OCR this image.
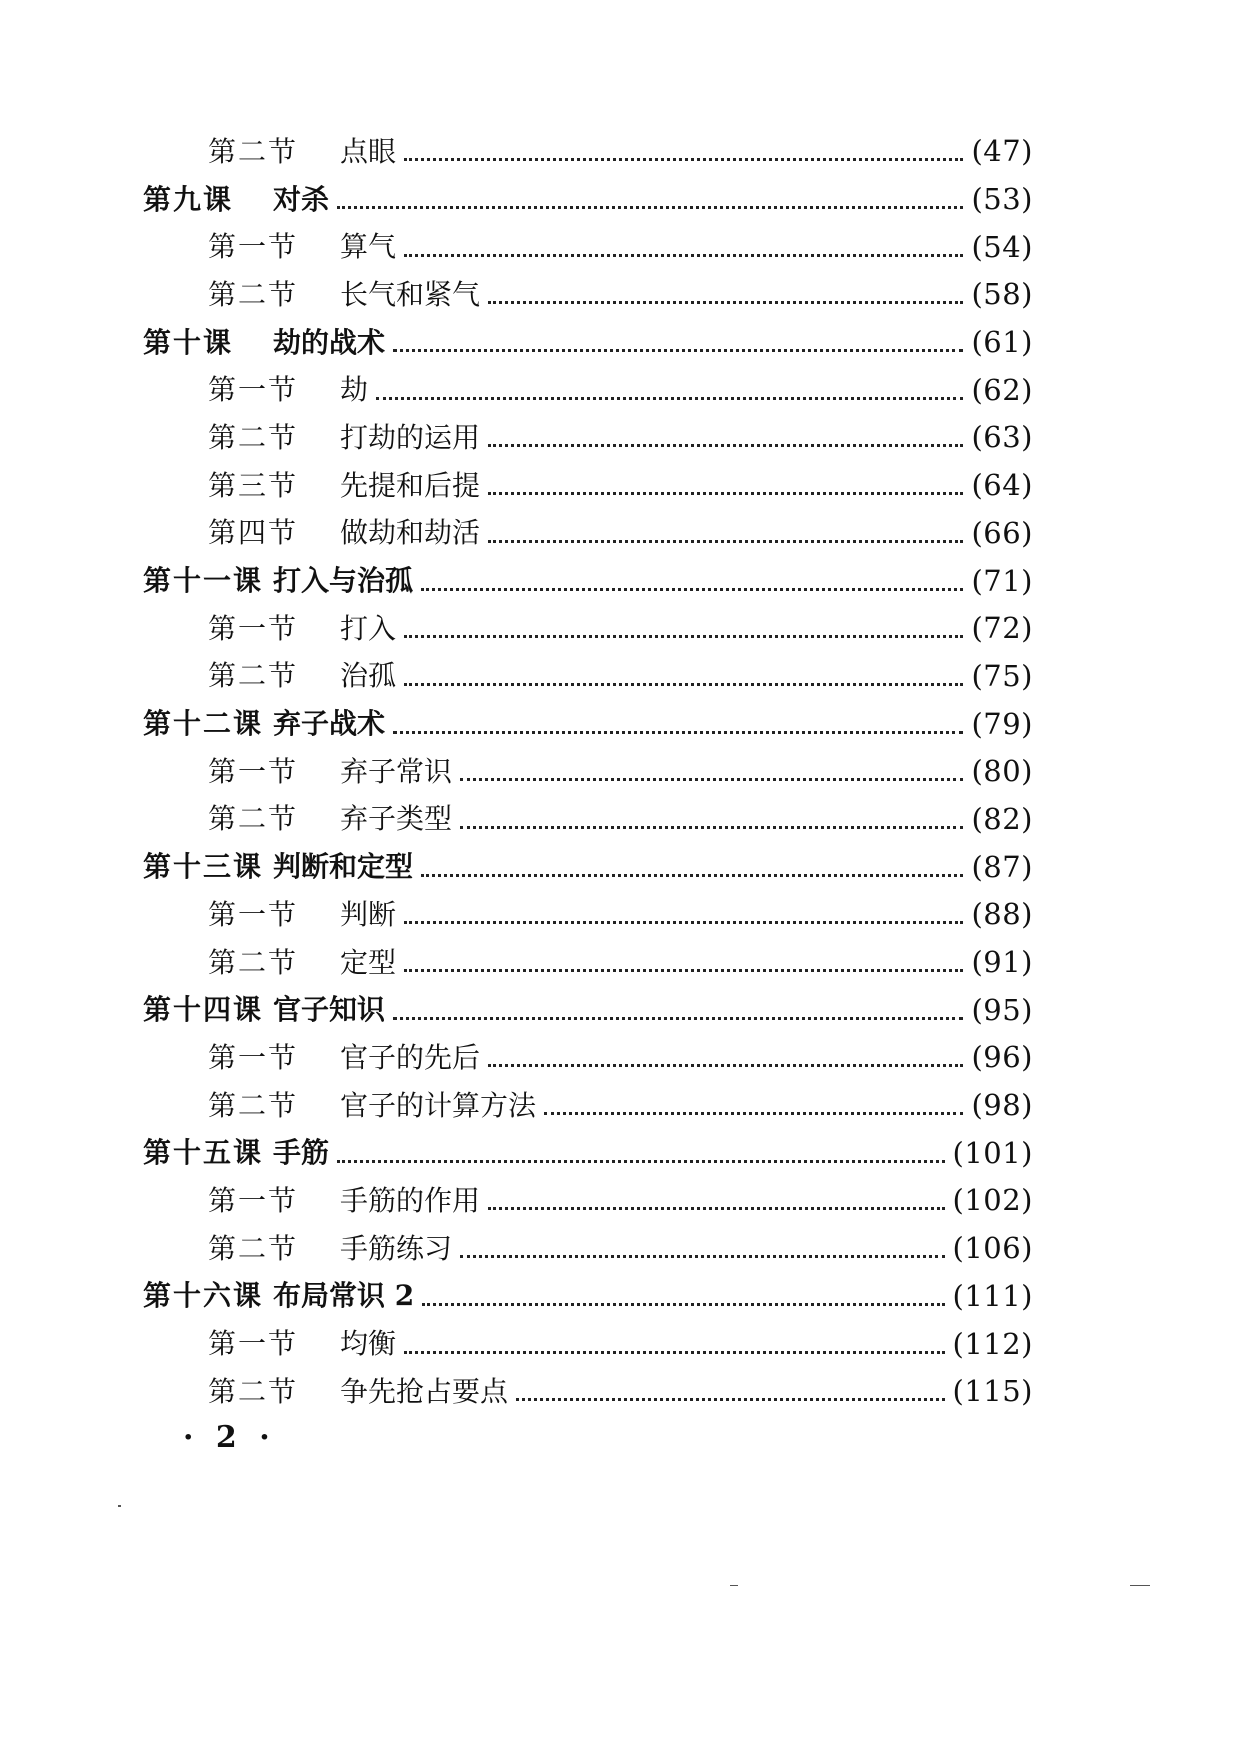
第二节	点眼	(47)
第九课	对杀	(53)
第一节	算气	(54)
第二节	长气和紧气	(58)
第十课	劫的战术	(61)
第一节	劫	(62)
第二节	打劫的运用	(63)
第三节	先提和后提	(64)
第四节	做劫和劫活	(66)
第十一课 打入与治孤	(71)
第一节	打入	(72)
第二节	治孤	(75)
第十二课 弃子战术	(79)
第一节	弃子常识	(80)
第二节	弃子类型	(82)
第十三课 判断和定型	(87)
第一节	判断	(88)
第二节	定型	(91)
第十四课 官子知识	(95)
第一节	官子的先后	(96)
第二节	官子的计算方法	(98)
第十五课 手筋	(101)
第一节	手筋的作用	(102)
第二节	手筋练习	(106)
第十六课 布局常识 2	(111)
第一节	均衡	(112)
第二节	争先抢占要点	(115)
· 2 ·
